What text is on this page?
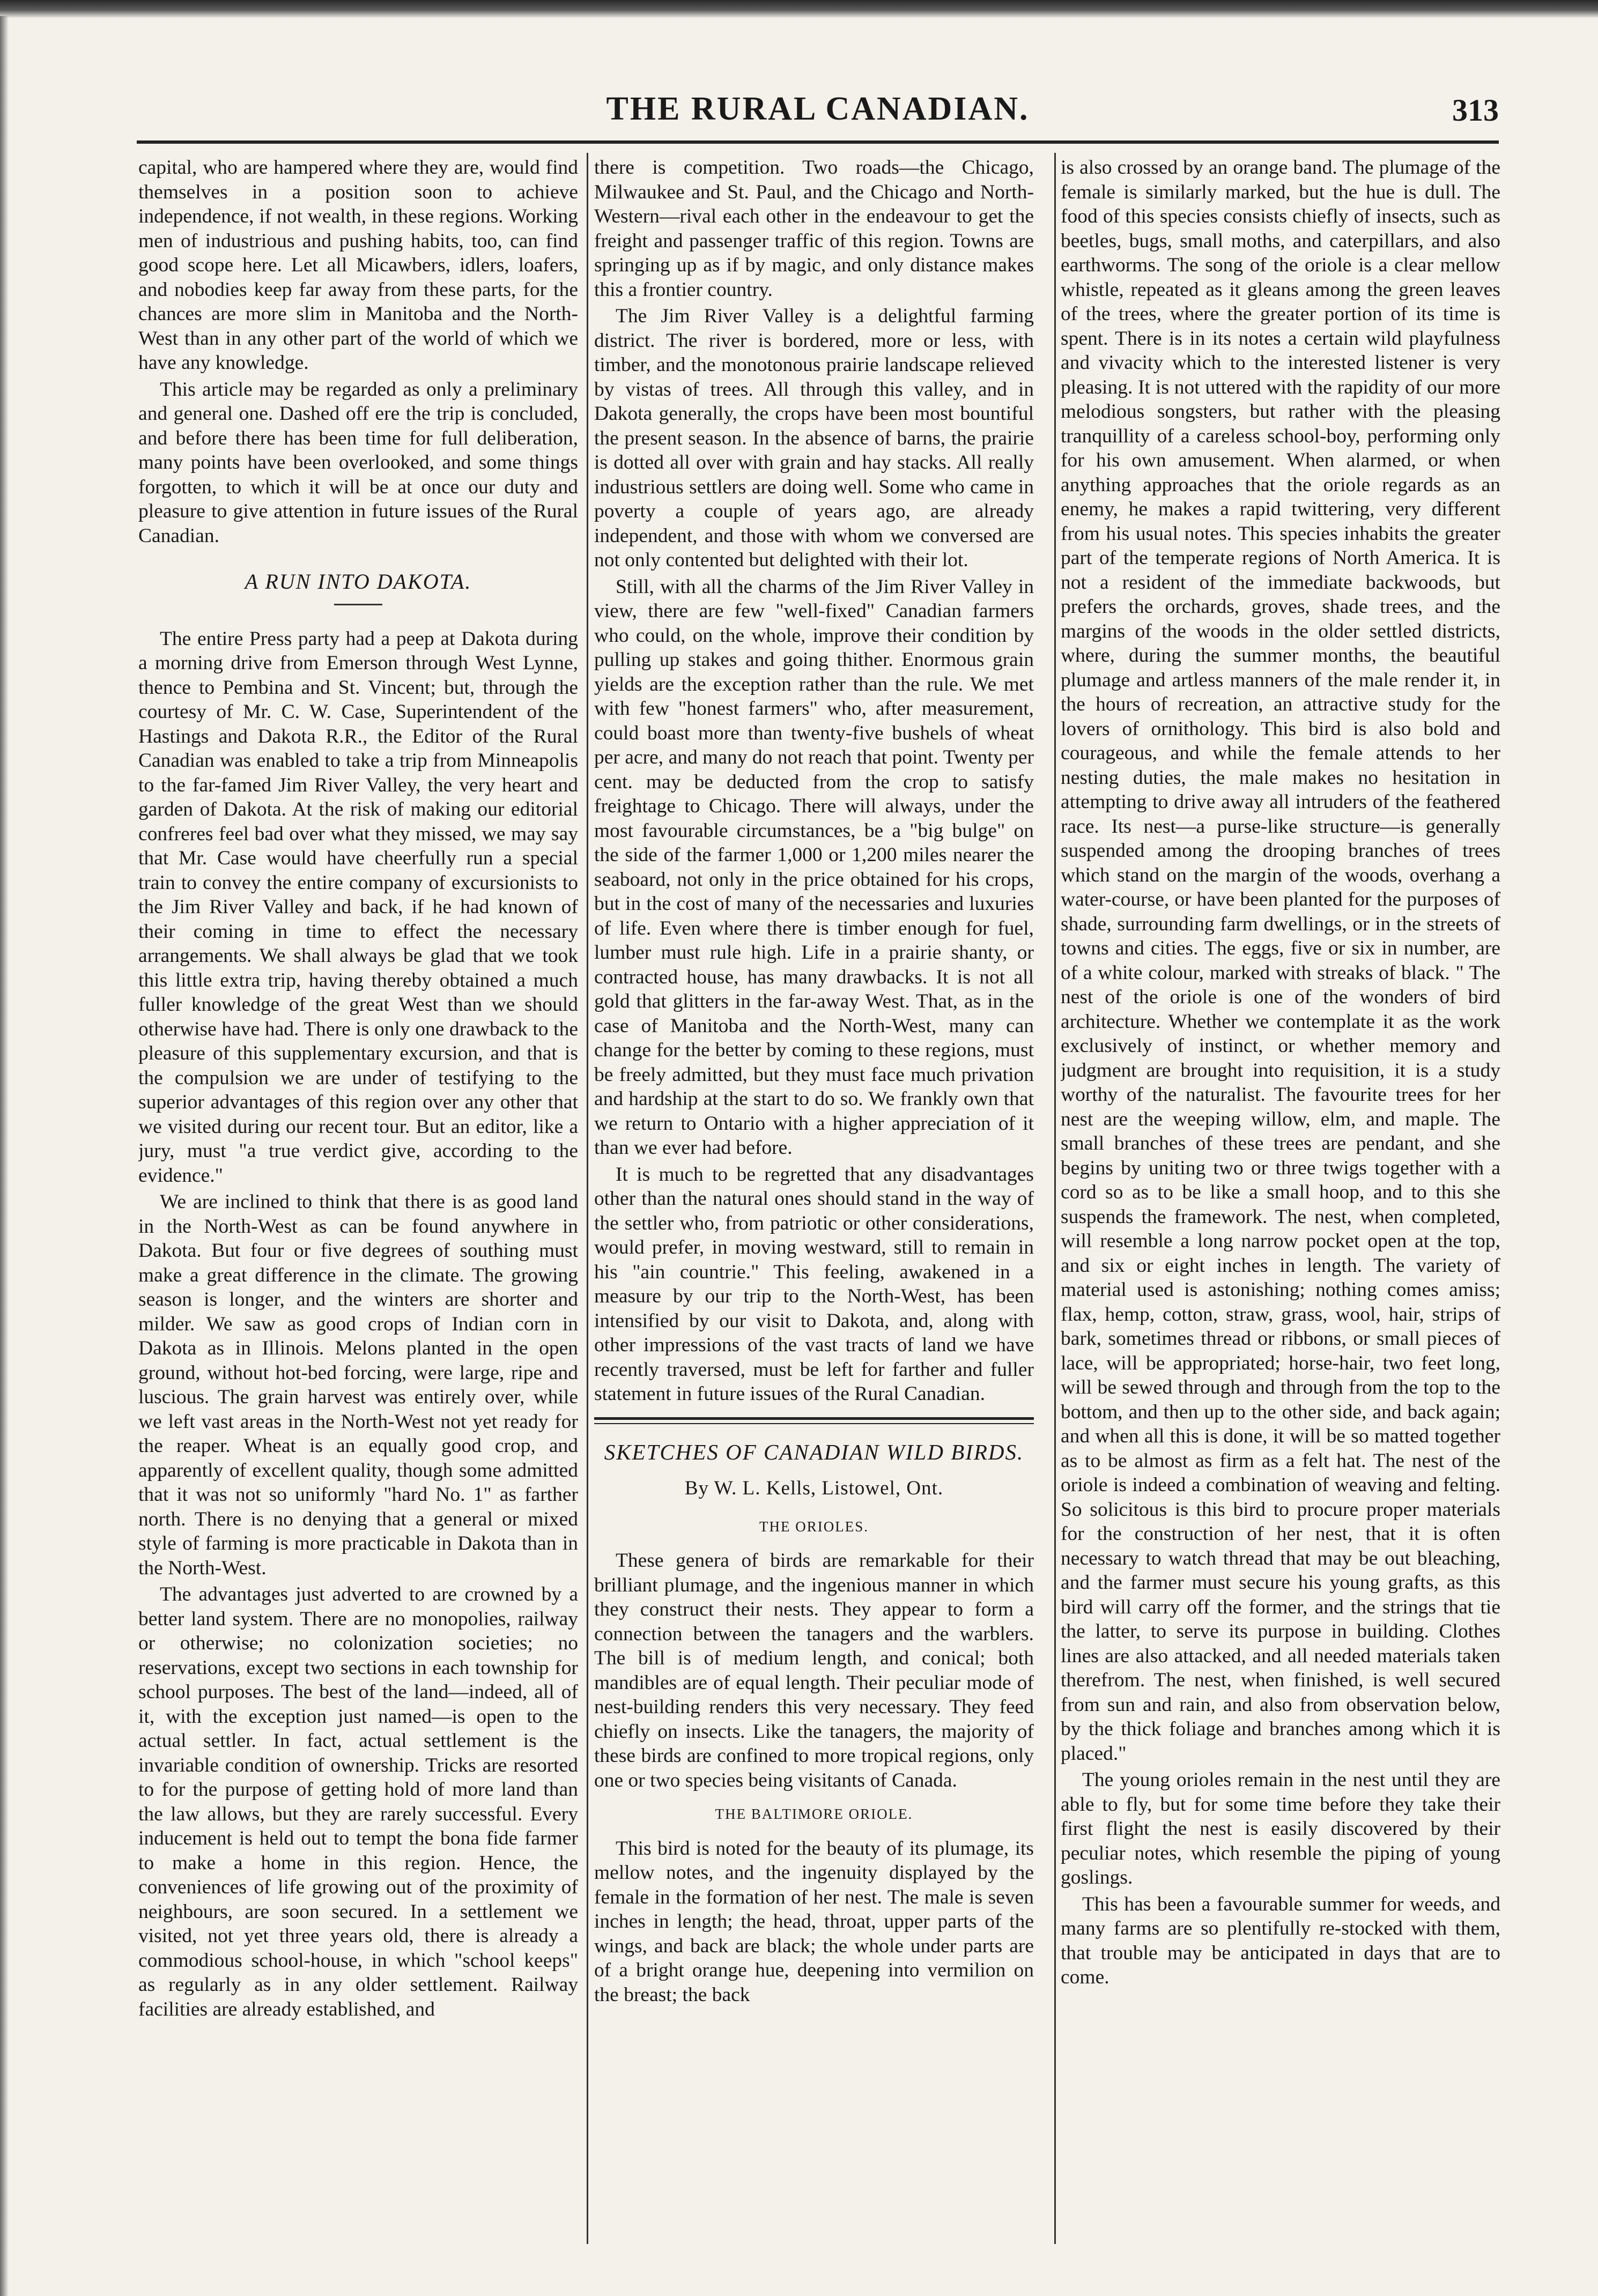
THE RURAL CANADIAN.	313

capital, who are hampered where they are, would find themselves in a position soon to achieve independence, if not wealth, in these regions. Working men of industrious and pushing habits, too, can find good scope here. Let all Micawbers, idlers, loafers, and nobodies keep far away from these parts, for the chances are more slim in Manitoba and the North-West than in any other part of the world of which we have any knowledge.

This article may be regarded as only a preliminary and general one. Dashed off ere the trip is concluded, and before there has been time for full deliberation, many points have been overlooked, and some things forgotten, to which it will be at once our duty and pleasure to give attention in future issues of the Rural Canadian.

A RUN INTO DAKOTA.

The entire Press party had a peep at Dakota during a morning drive from Emerson through West Lynne, thence to Pembina and St. Vincent; but, through the courtesy of Mr. C. W. Case, Superintendent of the Hastings and Dakota R.R., the Editor of the Rural Canadian was enabled to take a trip from Minneapolis to the far-famed Jim River Valley, the very heart and garden of Dakota. At the risk of making our editorial confreres feel bad over what they missed, we may say that Mr. Case would have cheerfully run a special train to convey the entire company of excursionists to the Jim River Valley and back, if he had known of their coming in time to effect the necessary arrangements. We shall always be glad that we took this little extra trip, having thereby obtained a much fuller knowledge of the great West than we should otherwise have had. There is only one drawback to the pleasure of this supplementary excursion, and that is the compulsion we are under of testifying to the superior advantages of this region over any other that we visited during our recent tour. But an editor, like a jury, must "a true verdict give, according to the evidence."

We are inclined to think that there is as good land in the North-West as can be found anywhere in Dakota. But four or five degrees of southing must make a great difference in the climate. The growing season is longer, and the winters are shorter and milder. We saw as good crops of Indian corn in Dakota as in Illinois. Melons planted in the open ground, without hot-bed forcing, were large, ripe and luscious. The grain harvest was entirely over, while we left vast areas in the North-West not yet ready for the reaper. Wheat is an equally good crop, and apparently of excellent quality, though some admitted that it was not so uniformly "hard No. 1" as farther north. There is no denying that a general or mixed style of farming is more practicable in Dakota than in the North-West.

The advantages just adverted to are crowned by a better land system. There are no monopolies, railway or otherwise; no colonization societies; no reservations, except two sections in each township for school purposes. The best of the land—indeed, all of it, with the exception just named—is open to the actual settler. In fact, actual settlement is the invariable condition of ownership. Tricks are resorted to for the purpose of getting hold of more land than the law allows, but they are rarely successful. Every inducement is held out to tempt the bona fide farmer to make a home in this region. Hence, the conveniences of life growing out of the proximity of neighbours, are soon secured. In a settlement we visited, not yet three years old, there is already a commodious school-house, in which "school keeps" as regularly as in any older settlement. Railway facilities are already established, and

there is competition. Two roads—the Chicago, Milwaukee and St. Paul, and the Chicago and North-Western—rival each other in the endeavour to get the freight and passenger traffic of this region. Towns are springing up as if by magic, and only distance makes this a frontier country.

The Jim River Valley is a delightful farming district. The river is bordered, more or less, with timber, and the monotonous prairie landscape relieved by vistas of trees. All through this valley, and in Dakota generally, the crops have been most bountiful the present season. In the absence of barns, the prairie is dotted all over with grain and hay stacks. All really industrious settlers are doing well. Some who came in poverty a couple of years ago, are already independent, and those with whom we conversed are not only contented but delighted with their lot.

Still, with all the charms of the Jim River Valley in view, there are few "well-fixed" Canadian farmers who could, on the whole, improve their condition by pulling up stakes and going thither. Enormous grain yields are the exception rather than the rule. We met with few "honest farmers" who, after measurement, could boast more than twenty-five bushels of wheat per acre, and many do not reach that point. Twenty per cent. may be deducted from the crop to satisfy freightage to Chicago. There will always, under the most favourable circumstances, be a "big bulge" on the side of the farmer 1,000 or 1,200 miles nearer the seaboard, not only in the price obtained for his crops, but in the cost of many of the necessaries and luxuries of life. Even where there is timber enough for fuel, lumber must rule high. Life in a prairie shanty, or contracted house, has many drawbacks. It is not all gold that glitters in the far-away West. That, as in the case of Manitoba and the North-West, many can change for the better by coming to these regions, must be freely admitted, but they must face much privation and hardship at the start to do so. We frankly own that we return to Ontario with a higher appreciation of it than we ever had before.

It is much to be regretted that any disadvantages other than the natural ones should stand in the way of the settler who, from patriotic or other considerations, would prefer, in moving westward, still to remain in his "ain countrie." This feeling, awakened in a measure by our trip to the North-West, has been intensified by our visit to Dakota, and, along with other impressions of the vast tracts of land we have recently traversed, must be left for farther and fuller statement in future issues of the Rural Canadian.

SKETCHES OF CANADIAN WILD BIRDS.
By W. L. Kells, Listowel, Ont.
THE ORIOLES.

These genera of birds are remarkable for their brilliant plumage, and the ingenious manner in which they construct their nests. They appear to form a connection between the tanagers and the warblers. The bill is of medium length, and conical; both mandibles are of equal length. Their peculiar mode of nest-building renders this very necessary. They feed chiefly on insects. Like the tanagers, the majority of these birds are confined to more tropical regions, only one or two species being visitants of Canada.

THE BALTIMORE ORIOLE.

This bird is noted for the beauty of its plumage, its mellow notes, and the ingenuity displayed by the female in the formation of her nest. The male is seven inches in length; the head, throat, upper parts of the wings, and back are black; the whole under parts are of a bright orange hue, deepening into vermilion on the breast; the back

is also crossed by an orange band. The plumage of the female is similarly marked, but the hue is dull. The food of this species consists chiefly of insects, such as beetles, bugs, small moths, and caterpillars, and also earthworms. The song of the oriole is a clear mellow whistle, repeated as it gleans among the green leaves of the trees, where the greater portion of its time is spent. There is in its notes a certain wild playfulness and vivacity which to the interested listener is very pleasing. It is not uttered with the rapidity of our more melodious songsters, but rather with the pleasing tranquillity of a careless school-boy, performing only for his own amusement. When alarmed, or when anything approaches that the oriole regards as an enemy, he makes a rapid twittering, very different from his usual notes. This species inhabits the greater part of the temperate regions of North America. It is not a resident of the immediate backwoods, but prefers the orchards, groves, shade trees, and the margins of the woods in the older settled districts, where, during the summer months, the beautiful plumage and artless manners of the male render it, in the hours of recreation, an attractive study for the lovers of ornithology. This bird is also bold and courageous, and while the female attends to her nesting duties, the male makes no hesitation in attempting to drive away all intruders of the feathered race. Its nest—a purse-like structure—is generally suspended among the drooping branches of trees which stand on the margin of the woods, overhang a water-course, or have been planted for the purposes of shade, surrounding farm dwellings, or in the streets of towns and cities. The eggs, five or six in number, are of a white colour, marked with streaks of black. " The nest of the oriole is one of the wonders of bird architecture. Whether we contemplate it as the work exclusively of instinct, or whether memory and judgment are brought into requisition, it is a study worthy of the naturalist. The favourite trees for her nest are the weeping willow, elm, and maple. The small branches of these trees are pendant, and she begins by uniting two or three twigs together with a cord so as to be like a small hoop, and to this she suspends the framework. The nest, when completed, will resemble a long narrow pocket open at the top, and six or eight inches in length. The variety of material used is astonishing; nothing comes amiss; flax, hemp, cotton, straw, grass, wool, hair, strips of bark, sometimes thread or ribbons, or small pieces of lace, will be appropriated; horse-hair, two feet long, will be sewed through and through from the top to the bottom, and then up to the other side, and back again; and when all this is done, it will be so matted together as to be almost as firm as a felt hat. The nest of the oriole is indeed a combination of weaving and felting. So solicitous is this bird to procure proper materials for the construction of her nest, that it is often necessary to watch thread that may be out bleaching, and the farmer must secure his young grafts, as this bird will carry off the former, and the strings that tie the latter, to serve its purpose in building. Clothes lines are also attacked, and all needed materials taken therefrom. The nest, when finished, is well secured from sun and rain, and also from observation below, by the thick foliage and branches among which it is placed."

The young orioles remain in the nest until they are able to fly, but for some time before they take their first flight the nest is easily discovered by their peculiar notes, which resemble the piping of young goslings.

This has been a favourable summer for weeds, and many farms are so plentifully re-stocked with them, that trouble may be anticipated in days that are to come.
